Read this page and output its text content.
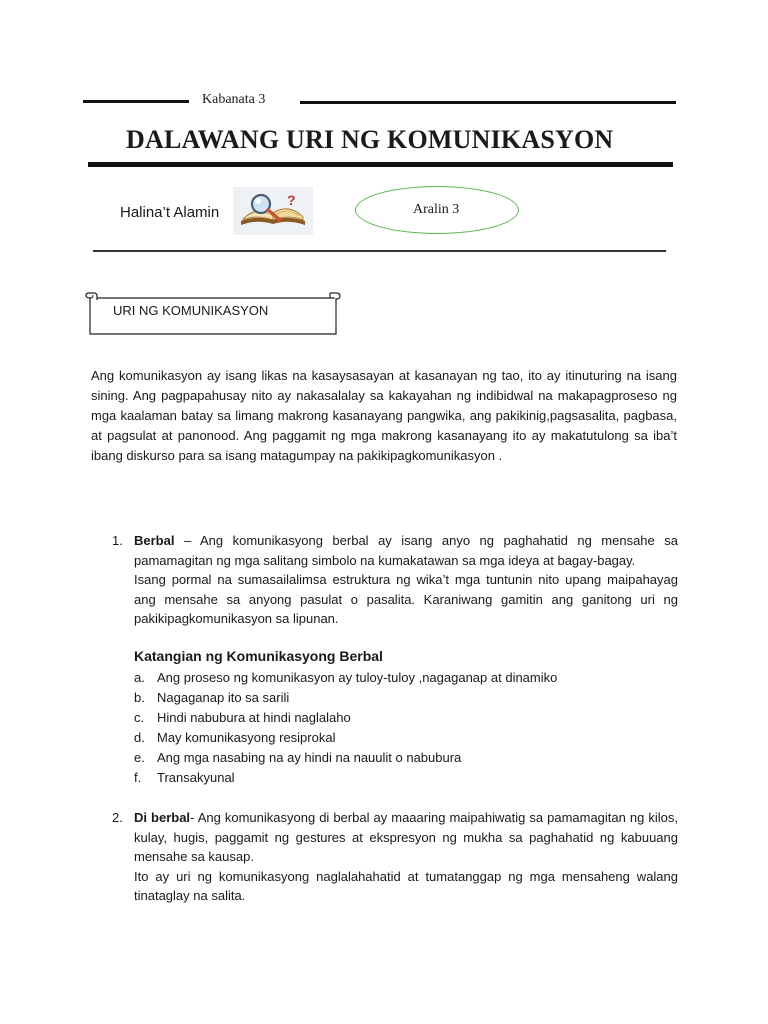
Kabanata 3
DALAWANG URI NG KOMUNIKASYON
Halina’t Alamin
?
Aralin 3
URI NG KOMUNIKASYON
Ang komunikasyon ay isang likas na kasaysasayan at kasanayan ng tao, ito ay itinuturing na isang sining. Ang pagpapahusay nito ay nakasalalay sa kakayahan ng indibidwal na makapagproseso ng mga kaalaman batay sa limang makrong kasanayang pangwika, ang pakikinig,pagsasalita, pagbasa, at pagsulat at panonood. Ang paggamit ng mga makrong kasanayang ito ay makatutulong sa iba’t ibang diskurso para sa isang matagumpay na pakikipagkomunikasyon .
1. Berbal – Ang komunikasyong berbal ay isang anyo ng paghahatid ng mensahe sa pamamagitan ng mga salitang simbolo na kumakatawan sa mga ideya at bagay-bagay.
Isang pormal na sumasailalimsa estruktura ng wika’t mga tuntunin nito upang maipahayag ang mensahe sa anyong pasulat o pasalita. Karaniwang gamitin ang ganitong uri ng pakikipagkomunikasyon sa lipunan.
Katangian ng Komunikasyong Berbal
a. Ang proseso ng komunikasyon ay tuloy-tuloy ,nagaganap at dinamiko
b. Nagaganap ito sa sarili
c. Hindi nabubura at hindi naglalaho
d. May komunikasyong resiprokal
e. Ang mga nasabing na ay hindi na nauulit o nabubura
f.	Transakyunal
2. Di berbal- Ang komunikasyong di berbal ay maaaring maipahiwatig sa pamamagitan ng kilos, kulay, hugis, paggamit ng gestures at ekspresyon ng mukha sa paghahatid ng kabuuang mensahe sa kausap.
Ito ay uri ng komunikasyong naglalahahatid at tumatanggap ng mga mensaheng walang tinataglay na salita.
